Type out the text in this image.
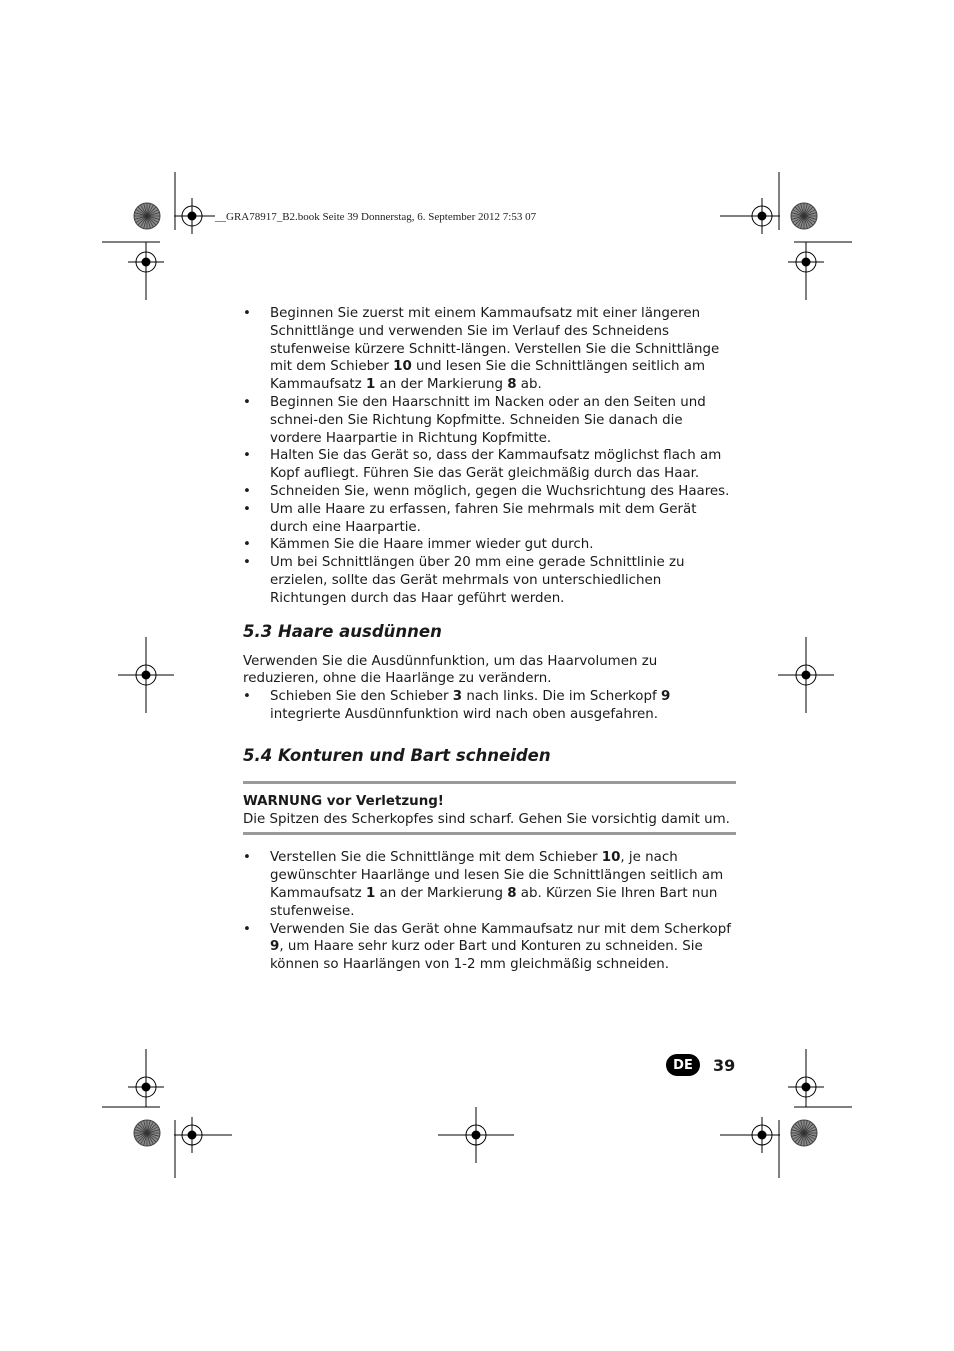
__GRA78917_B2.book Seite 39 Donnerstag, 6. September 2012 7:53 07
• Beginnen Sie zuerst mit einem Kammaufsatz mit einer längeren Schnittlänge und verwenden Sie im Verlauf des Schneidens stufenweise kürzere Schnitt-längen. Verstellen Sie die Schnittlänge mit dem Schieber 10 und lesen Sie die Schnittlängen seitlich am Kammaufsatz 1 an der Markierung 8 ab.
• Beginnen Sie den Haarschnitt im Nacken oder an den Seiten und schnei-den Sie Richtung Kopfmitte. Schneiden Sie danach die vordere Haarpartie in Richtung Kopfmitte.
• Halten Sie das Gerät so, dass der Kammaufsatz möglichst flach am Kopf aufliegt. Führen Sie das Gerät gleichmäßig durch das Haar.
• Schneiden Sie, wenn möglich, gegen die Wuchsrichtung des Haares.
• Um alle Haare zu erfassen, fahren Sie mehrmals mit dem Gerät durch eine Haarpartie.
• Kämmen Sie die Haare immer wieder gut durch.
• Um bei Schnittlängen über 20 mm eine gerade Schnittlinie zu erzielen, sollte das Gerät mehrmals von unterschiedlichen Richtungen durch das Haar geführt werden.
5.3 Haare ausdünnen

Verwenden Sie die Ausdünnfunktion, um das Haarvolumen zu reduzieren, ohne die Haarlänge zu verändern.

• Schieben Sie den Schieber 3 nach links. Die im Scherkopf 9 integrierte Ausdünnfunktion wird nach oben ausgefahren.
5.4 Konturen und Bart schneiden
WARNUNG vor Verletzung!
Die Spitzen des Scherkopfes sind scharf. Gehen Sie vorsichtig damit um.
• Verstellen Sie die Schnittlänge mit dem Schieber 10, je nach gewünschter Haarlänge und lesen Sie die Schnittlängen seitlich am Kammaufsatz 1 an der Markierung 8 ab. Kürzen Sie Ihren Bart nun stufenweise.
• Verwenden Sie das Gerät ohne Kammaufsatz nur mit dem Scherkopf 9, um Haare sehr kurz oder Bart und Konturen zu schneiden. Sie können so Haarlängen von 1-2 mm gleichmäßig schneiden.
DE	39
